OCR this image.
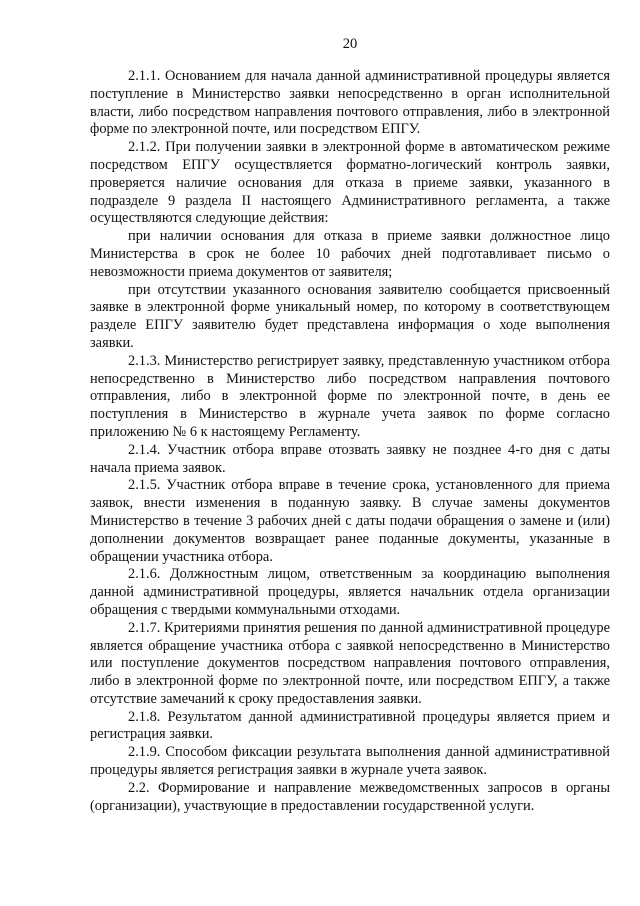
20

2.1.1. Основанием для начала данной административной процедуры является поступление в Министерство заявки непосредственно в орган исполнительной власти, либо посредством направления почтового отправления, либо в электронной форме по электронной почте, или посредством ЕПГУ.

2.1.2. При получении заявки в электронной форме в автоматическом режиме посредством ЕПГУ осуществляется форматно-логический контроль заявки, проверяется наличие основания для отказа в приеме заявки, указанного в подразделе 9 раздела II настоящего Административного регламента, а также осуществляются следующие действия:

при наличии основания для отказа в приеме заявки должностное лицо Министерства в срок не более 10 рабочих дней подготавливает письмо о невозможности приема документов от заявителя;

при отсутствии указанного основания заявителю сообщается присвоенный заявке в электронной форме уникальный номер, по которому в соответствующем разделе ЕПГУ заявителю будет представлена информация о ходе выполнения заявки.

2.1.3. Министерство регистрирует заявку, представленную участником отбора непосредственно в Министерство либо посредством направления почтового отправления, либо в электронной форме по электронной почте, в день ее поступления в Министерство в журнале учета заявок по форме согласно приложению № 6 к настоящему Регламенту.

2.1.4. Участник отбора вправе отозвать заявку не позднее 4-го дня с даты начала приема заявок.

2.1.5. Участник отбора вправе в течение срока, установленного для приема заявок, внести изменения в поданную заявку. В случае замены документов Министерство в течение 3 рабочих дней с даты подачи обращения о замене и (или) дополнении документов возвращает ранее поданные документы, указанные в обращении участника отбора.

2.1.6. Должностным лицом, ответственным за координацию выполнения данной административной процедуры, является начальник отдела организации обращения с твердыми коммунальными отходами.

2.1.7. Критериями принятия решения по данной административной процедуре является обращение участника отбора с заявкой непосредственно в Министерство или поступление документов посредством направления почтового отправления, либо в электронной форме по электронной почте, или посредством ЕПГУ, а также отсутствие замечаний к сроку предоставления заявки.

2.1.8. Результатом данной административной процедуры является прием и регистрация заявки.

2.1.9. Способом фиксации результата выполнения данной административной процедуры является регистрация заявки в журнале учета заявок.

2.2. Формирование и направление межведомственных запросов в органы (организации), участвующие в предоставлении государственной услуги.
